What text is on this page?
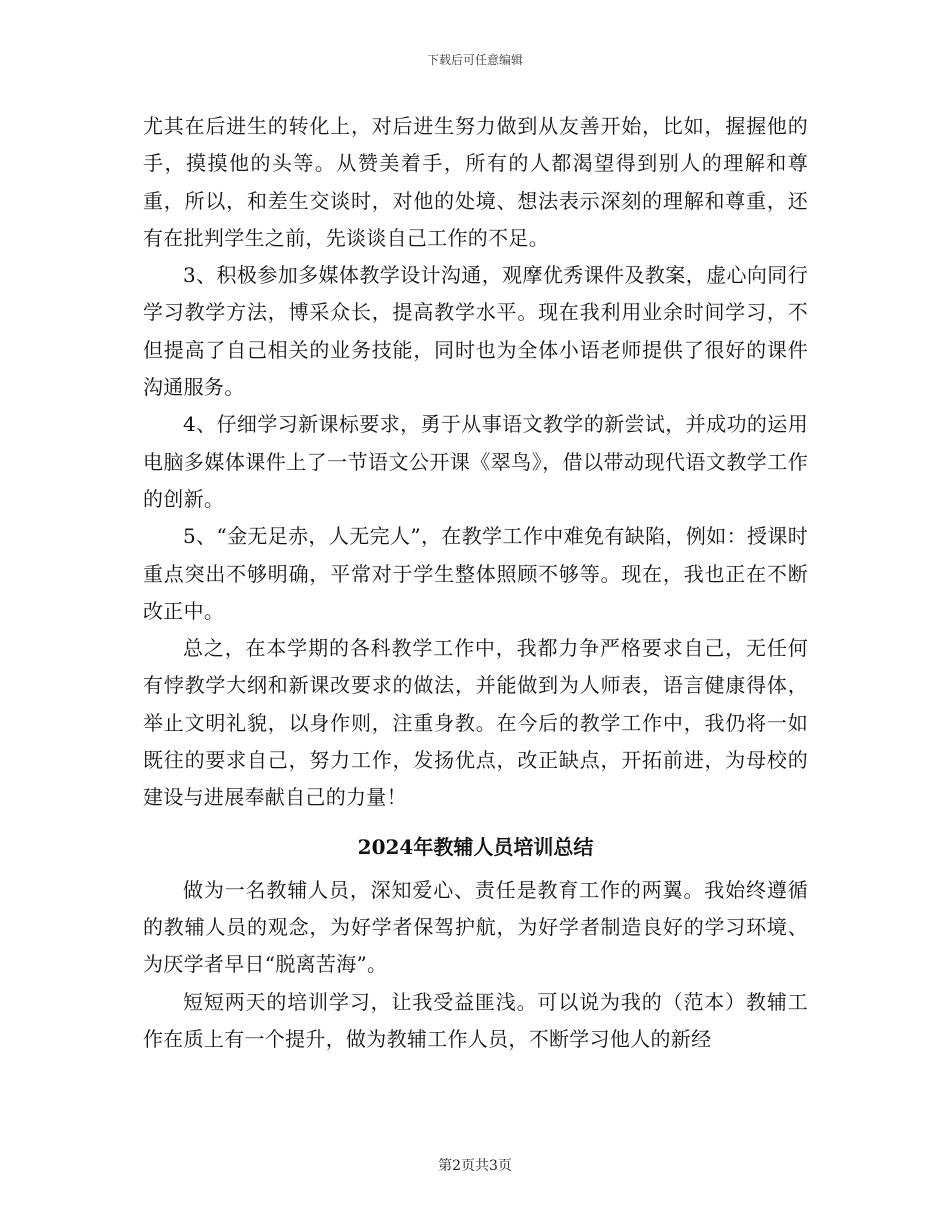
下载后可任意编辑

尤其在后进生的转化上，对后进生努力做到从友善开始，比如，握握他的手，摸摸他的头等。从赞美着手，所有的人都渴望得到别人的理解和尊重，所以，和差生交谈时，对他的处境、想法表示深刻的理解和尊重，还有在批判学生之前，先谈谈自己工作的不足。

3、积极参加多媒体教学设计沟通，观摩优秀课件及教案，虚心向同行学习教学方法，博采众长，提高教学水平。现在我利用业余时间学习，不但提高了自己相关的业务技能，同时也为全体小语老师提供了很好的课件沟通服务。

4、仔细学习新课标要求，勇于从事语文教学的新尝试，并成功的运用电脑多媒体课件上了一节语文公开课《翠鸟》，借以带动现代语文教学工作的创新。

5、“金无足赤，人无完人”，在教学工作中难免有缺陷，例如：授课时重点突出不够明确，平常对于学生整体照顾不够等。现在，我也正在不断改正中。

总之，在本学期的各科教学工作中，我都力争严格要求自己，无任何有悖教学大纲和新课改要求的做法，并能做到为人师表，语言健康得体，举止文明礼貌，以身作则，注重身教。在今后的教学工作中，我仍将一如既往的要求自己，努力工作，发扬优点，改正缺点，开拓前进，为母校的建设与进展奉献自己的力量！

2024年教辅人员培训总结

做为一名教辅人员，深知爱心、责任是教育工作的两翼。我始终遵循的教辅人员的观念，为好学者保驾护航，为好学者制造良好的学习环境、为厌学者早日“脱离苦海”。

短短两天的培训学习，让我受益匪浅。可以说为我的（范本）教辅工作在质上有一个提升，做为教辅工作人员，不断学习他人的新经

第2页共3页
